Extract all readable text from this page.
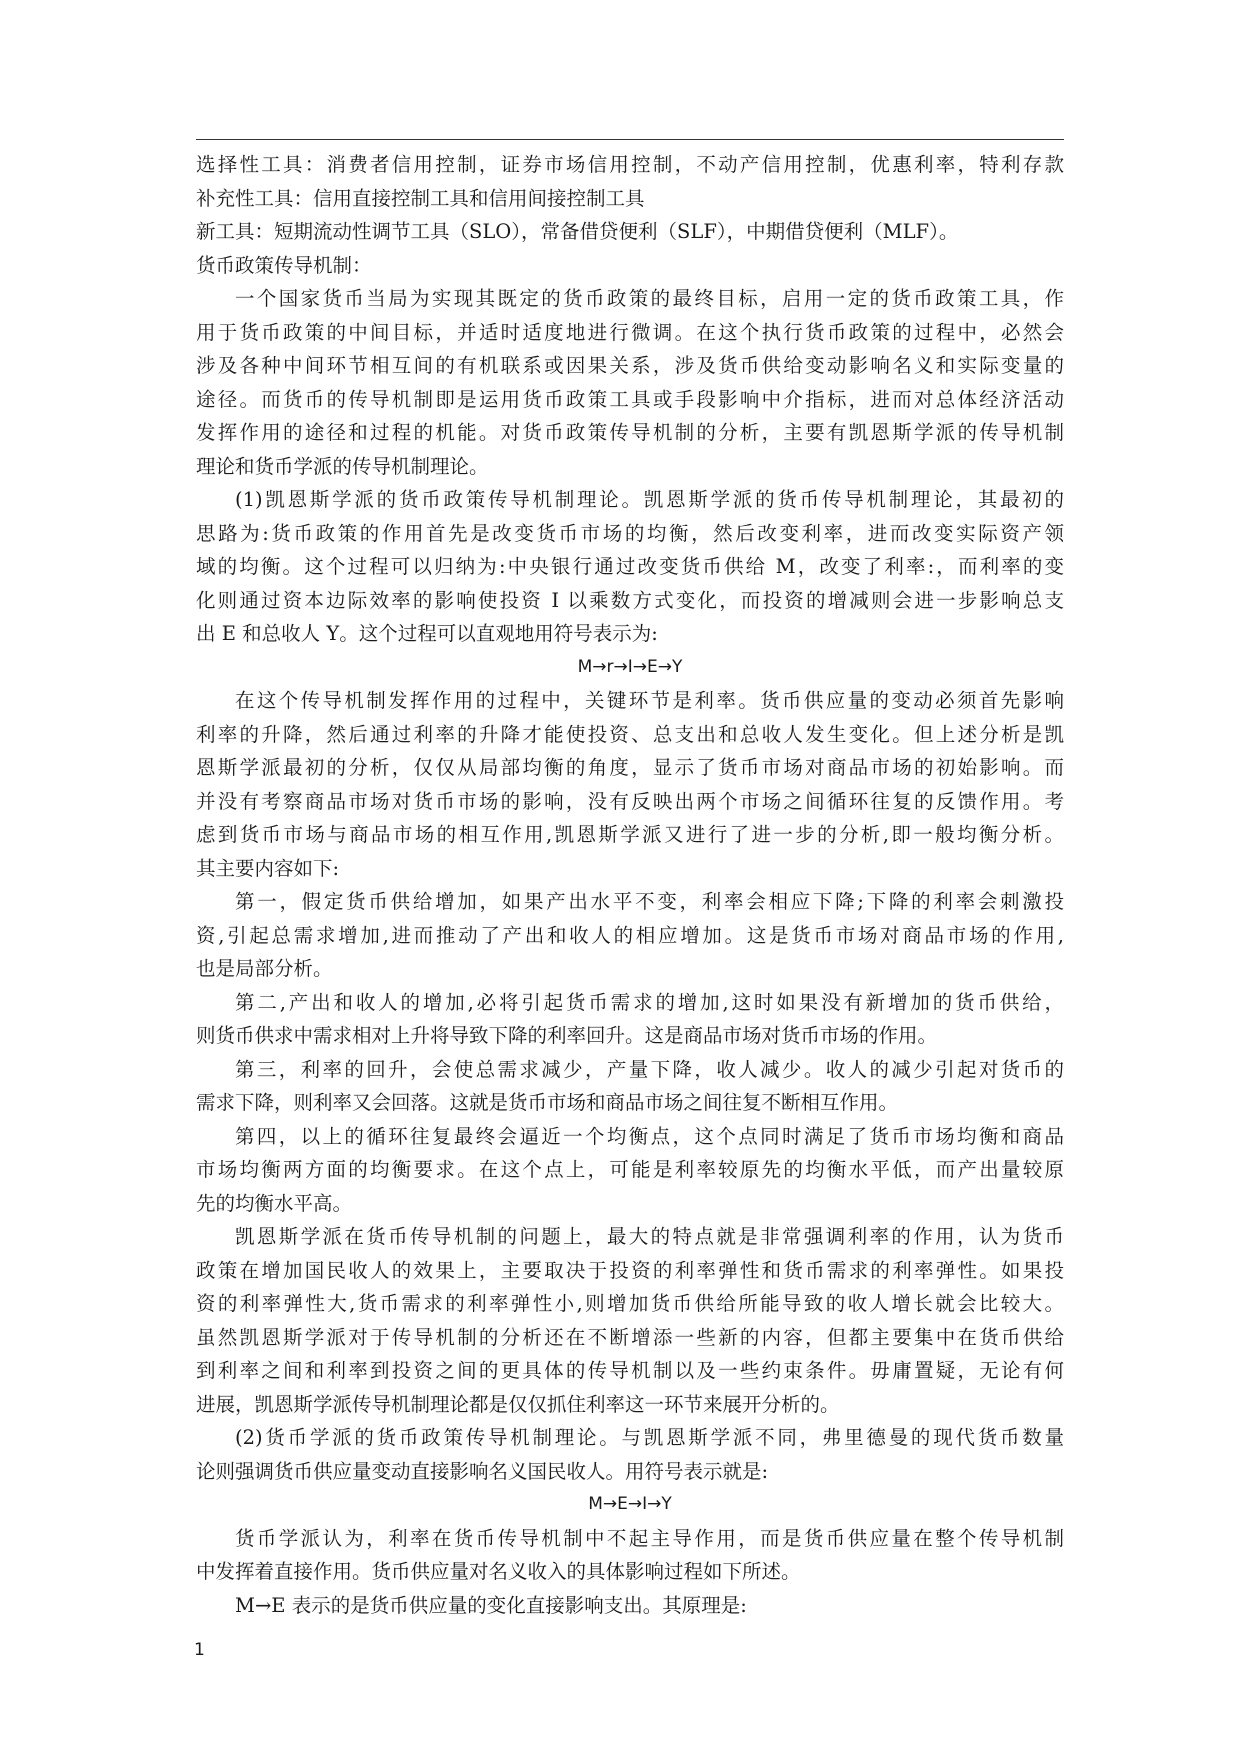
选择性工具：消费者信用控制，证券市场信用控制，不动产信用控制，优惠利率，特利存款
补充性工具：信用直接控制工具和信用间接控制工具
新工具：短期流动性调节工具（SLO），常备借贷便利（SLF），中期借贷便利（MLF）。
货币政策传导机制：
一个国家货币当局为实现其既定的货币政策的最终目标，启用一定的货币政策工具，作
用于货币政策的中间目标，并适时适度地进行微调。在这个执行货币政策的过程中，必然会
涉及各种中间环节相互间的有机联系或因果关系，涉及货币供给变动影响名义和实际变量的
途径。而货币的传导机制即是运用货币政策工具或手段影响中介指标，进而对总体经济活动
发挥作用的途径和过程的机能。对货币政策传导机制的分析，主要有凯恩斯学派的传导机制
理论和货币学派的传导机制理论。
(1)凯恩斯学派的货币政策传导机制理论。凯恩斯学派的货币传导机制理论，其最初的
思路为:货币政策的作用首先是改变货币市场的均衡，然后改变利率，进而改变实际资产领
域的均衡。这个过程可以归纳为:中央银行通过改变货币供给 M，改变了利率:，而利率的变
化则通过资本边际效率的影响使投资 I 以乘数方式变化，而投资的增减则会进一步影响总支
出 E 和总收人 Y。这个过程可以直观地用符号表示为:
M→r→I→E→Y
在这个传导机制发挥作用的过程中，关键环节是利率。货币供应量的变动必须首先影响
利率的升降，然后通过利率的升降才能使投资、总支出和总收人发生变化。但上述分析是凯
恩斯学派最初的分析，仅仅从局部均衡的角度，显示了货币市场对商品市场的初始影响。而
并没有考察商品市场对货币市场的影响，没有反映出两个市场之间循环往复的反馈作用。考
虑到货币市场与商品市场的相互作用,凯恩斯学派又进行了进一步的分析,即一般均衡分析。
其主要内容如下:
第一，假定货币供给增加，如果产出水平不变，利率会相应下降;下降的利率会刺激投
资,引起总需求增加,进而推动了产出和收人的相应增加。这是货币市场对商品市场的作用,
也是局部分析。
第二,产出和收人的增加,必将引起货币需求的增加,这时如果没有新增加的货币供给，
则货币供求中需求相对上升将导致下降的利率回升。这是商品市场对货币市场的作用。
第三，利率的回升，会使总需求减少，产量下降，收人减少。收人的减少引起对货币的
需求下降，则利率又会回落。这就是货币市场和商品市场之间往复不断相互作用。
第四，以上的循环往复最终会逼近一个均衡点，这个点同时满足了货币市场均衡和商品
市场均衡两方面的均衡要求。在这个点上，可能是利率较原先的均衡水平低，而产出量较原
先的均衡水平高。
凯恩斯学派在货币传导机制的问题上，最大的特点就是非常强调利率的作用，认为货币
政策在增加国民收人的效果上，主要取决于投资的利率弹性和货币需求的利率弹性。如果投
资的利率弹性大,货币需求的利率弹性小,则增加货币供给所能导致的收人增长就会比较大。
虽然凯恩斯学派对于传导机制的分析还在不断增添一些新的内容，但都主要集中在货币供给
到利率之间和利率到投资之间的更具体的传导机制以及一些约束条件。毋庸置疑，无论有何
进展，凯恩斯学派传导机制理论都是仅仅抓住利率这一环节来展开分析的。
(2)货币学派的货币政策传导机制理论。与凯恩斯学派不同，弗里德曼的现代货币数量
论则强调货币供应量变动直接影响名义国民收人。用符号表示就是:
M→E→I→Y
货币学派认为，利率在货币传导机制中不起主导作用，而是货币供应量在整个传导机制
中发挥着直接作用。货币供应量对名义收入的具体影响过程如下所述。
M→E 表示的是货币供应量的变化直接影响支出。其原理是:
1
